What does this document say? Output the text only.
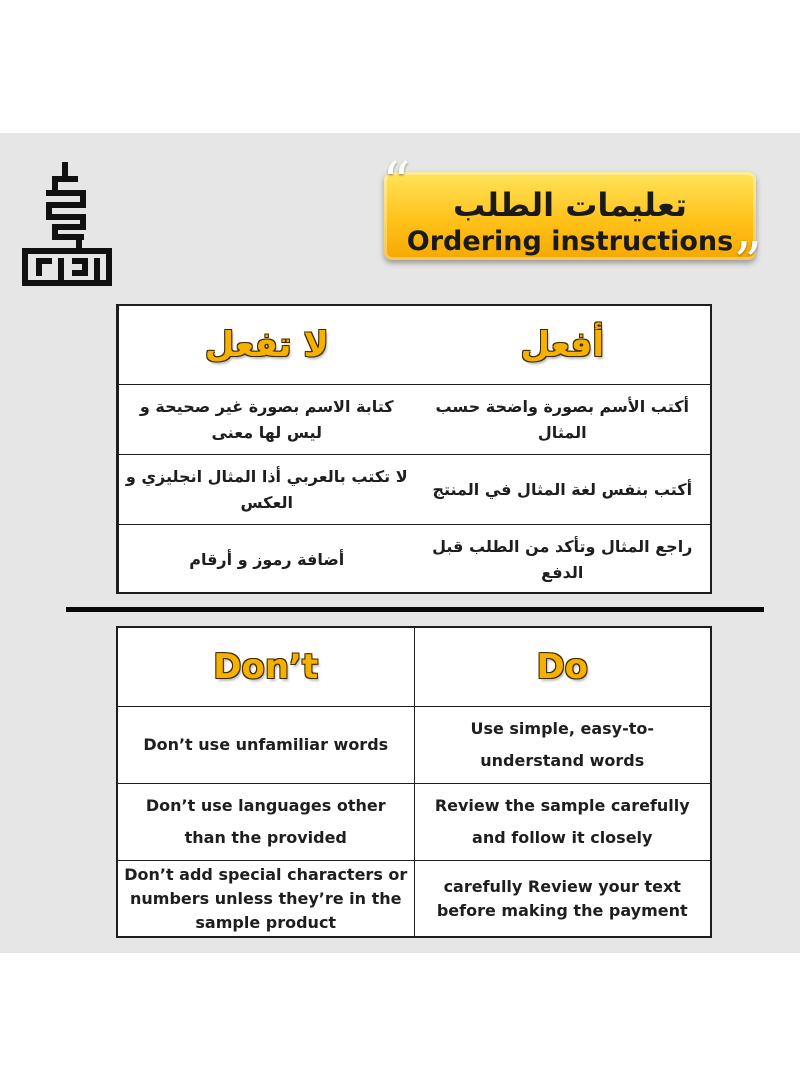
تعليمات الطلب
Ordering instructions
“
”
أفعل
لا تفعل
أكتب الأسم بصورة واضحة حسب المثال
كتابة الاسم بصورة غير صحيحة و ليس لها معنى
أكتب بنفس لغة المثال في المنتج
لا تكتب بالعربي أذا المثال انجليزي و العكس
راجع المثال وتأكد من الطلب قبل الدفع
أضافة رموز و أرقام
Don’t	Do
Don’t use unfamiliar words
Use simple, easy-to-understand words
Don’t use languages other than the provided
Review the sample carefully and follow it closely
Don’t add special characters or numbers unless they’re in the sample product
carefully Review your text before making the payment
